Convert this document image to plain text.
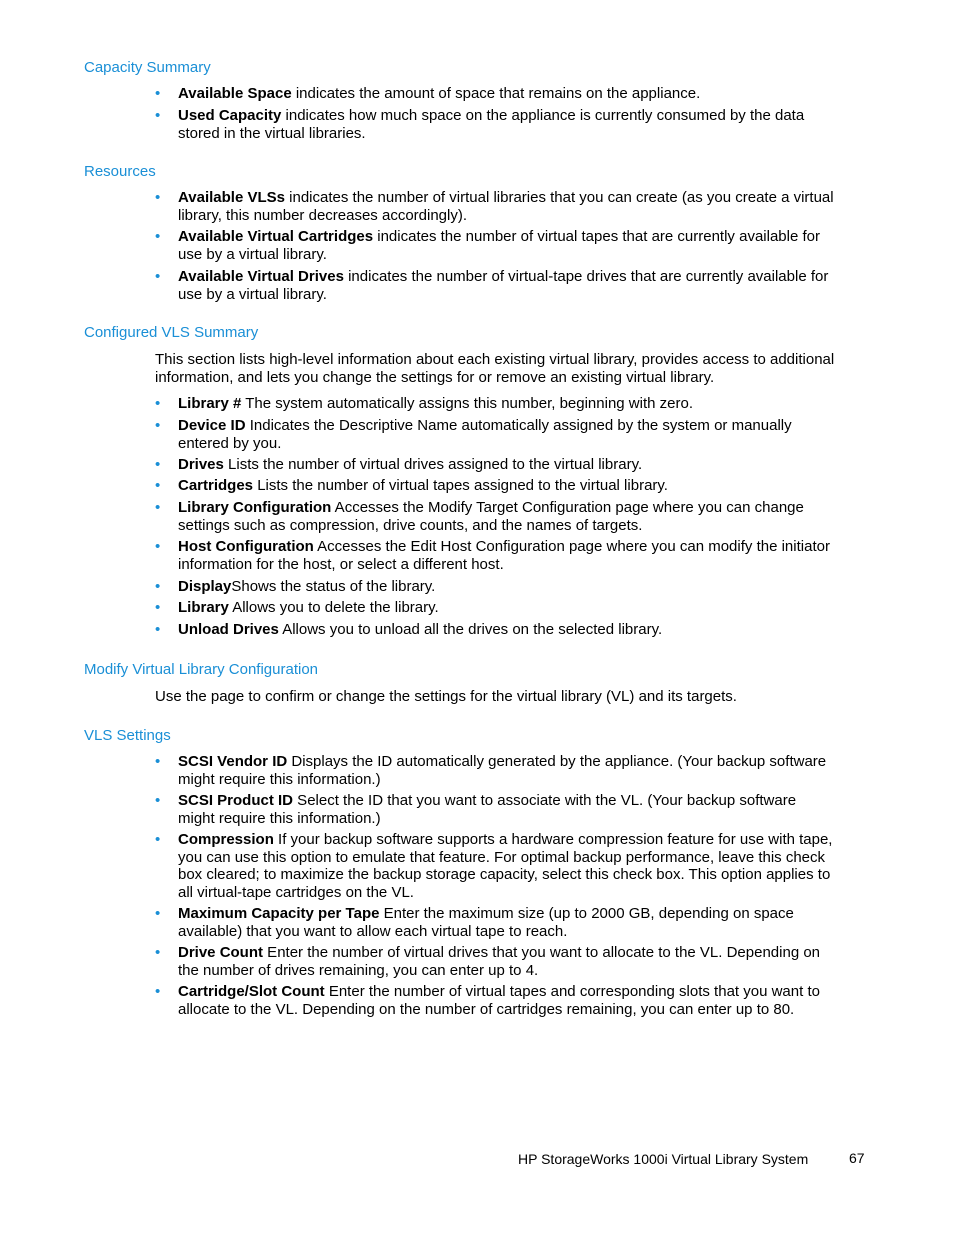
Capacity Summary
• Available Space indicates the amount of space that remains on the appliance.
• Used Capacity indicates how much space on the appliance is currently consumed by the data stored in the virtual libraries.
Resources
• Available VLSs indicates the number of virtual libraries that you can create (as you create a virtual library, this number decreases accordingly).
• Available Virtual Cartridges indicates the number of virtual tapes that are currently available for use by a virtual library.
• Available Virtual Drives indicates the number of virtual-tape drives that are currently available for use by a virtual library.
Configured VLS Summary

This section lists high-level information about each existing virtual library, provides access to additional information, and lets you change the settings for or remove an existing virtual library.

• Library # The system automatically assigns this number, beginning with zero.
• Device ID Indicates the Descriptive Name automatically assigned by the system or manually entered by you.
• Drives Lists the number of virtual drives assigned to the virtual library.
• Cartridges Lists the number of virtual tapes assigned to the virtual library.
• Library Configuration Accesses the Modify Target Configuration page where you can change settings such as compression, drive counts, and the names of targets.
• Host Configuration Accesses the Edit Host Configuration page where you can modify the initiator information for the host, or select a different host.
• DisplayShows the status of the library.
• Library Allows you to delete the library.
• Unload Drives Allows you to unload all the drives on the selected library.
Modify Virtual Library Configuration

Use the page to confirm or change the settings for the virtual library (VL) and its targets.

VLS Settings
• SCSI Vendor ID Displays the ID automatically generated by the appliance. (Your backup software might require this information.)
• SCSI Product ID Select the ID that you want to associate with the VL. (Your backup software might require this information.)
• Compression If your backup software supports a hardware compression feature for use with tape, you can use this option to emulate that feature. For optimal backup performance, leave this check box cleared; to maximize the backup storage capacity, select this check box. This option applies to all virtual-tape cartridges on the VL.
• Maximum Capacity per Tape Enter the maximum size (up to 2000 GB, depending on space available) that you want to allow each virtual tape to reach.
• Drive Count Enter the number of virtual drives that you want to allocate to the VL. Depending on the number of drives remaining, you can enter up to 4.
• Cartridge/Slot Count Enter the number of virtual tapes and corresponding slots that you want to allocate to the VL. Depending on the number of cartridges remaining, you can enter up to 80.
HP StorageWorks 1000i Virtual Library System	67
